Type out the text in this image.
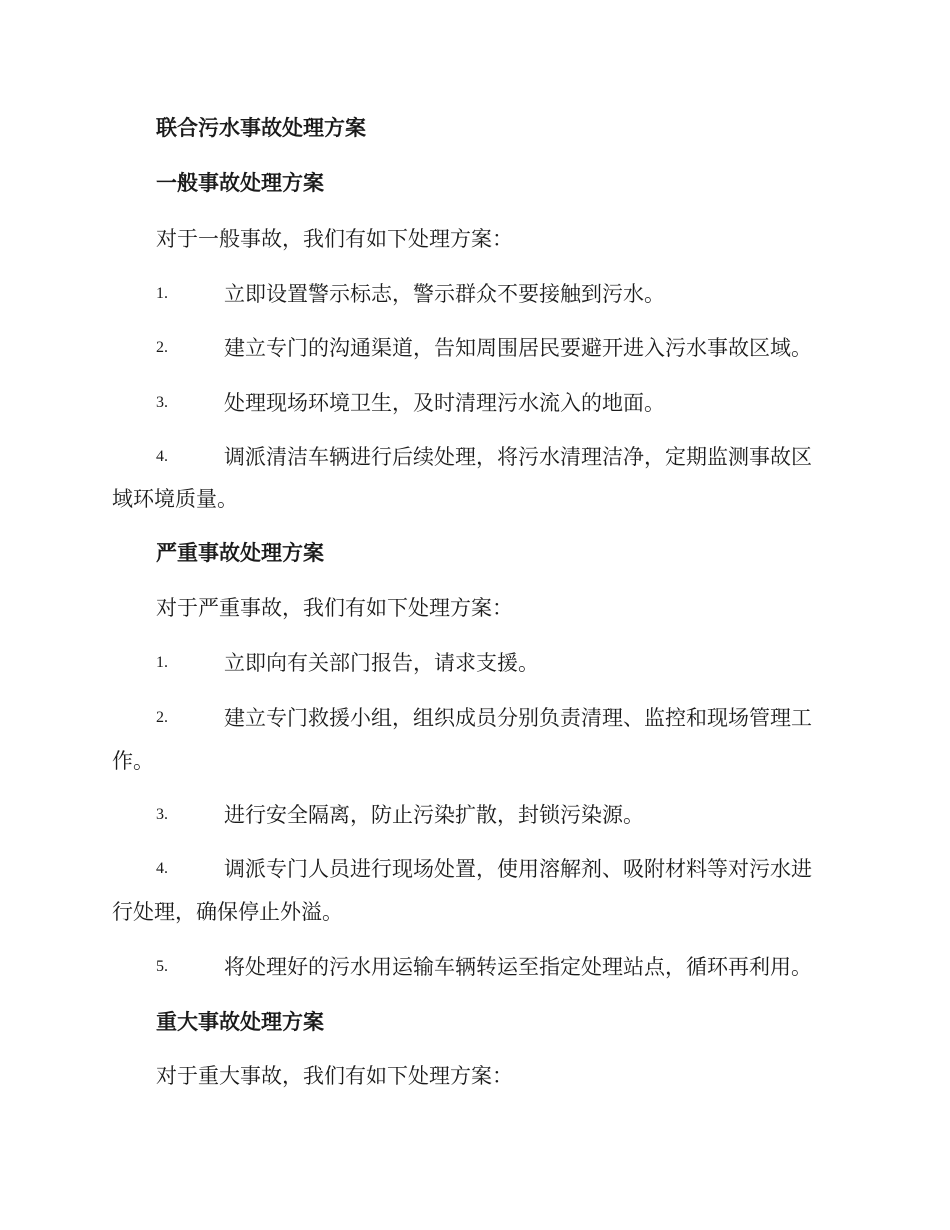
联合污水事故处理方案
一般事故处理方案
对于一般事故，我们有如下处理方案：
1.	立即设置警示标志，警示群众不要接触到污水。
2.	建立专门的沟通渠道，告知周围居民要避开进入污水事故区域。
3.	处理现场环境卫生，及时清理污水流入的地面。
4.	调派清洁车辆进行后续处理，将污水清理洁净，定期监测事故区
域环境质量。
严重事故处理方案
对于严重事故，我们有如下处理方案：
1.	立即向有关部门报告，请求支援。
2.	建立专门救援小组，组织成员分别负责清理、监控和现场管理工
作。
3.	进行安全隔离，防止污染扩散，封锁污染源。
4.	调派专门人员进行现场处置，使用溶解剂、吸附材料等对污水进
行处理，确保停止外溢。
5.	将处理好的污水用运输车辆转运至指定处理站点，循环再利用。
重大事故处理方案
对于重大事故，我们有如下处理方案：
